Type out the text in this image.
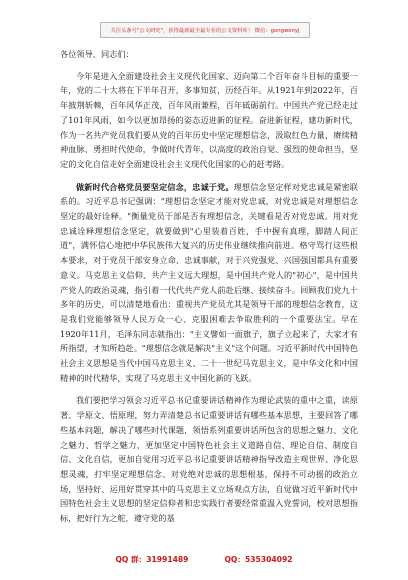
关注头条号"公文研究"，获得最新最全最专业的公文资料库！ 微信：gongwenyj

各位领导、同志们：

今年是进入全面建设社会主义现代化国家、迈向第二个百年奋斗目标的重要一年，党的二十大将在下半年召开，多事知贫，历经百年。从1921年到2022年，百年披荆斩棘，百年风华正茂，百年风雨兼程，百年砥砺前行。中国共产党已经走过了101年风雨，如今以更加昂扬的姿态迈进新的征程。奋进新征程，建功新时代，作为一名共产党员我们要从党的百年历史中坚定理想信念，汲取红色力量，赓续精神血脉，勇担时代使命，争做时代青年，以高度的政治自觉、强烈的使命担当，坚定的文化自信走好全面建设社会主义现代化国家的心的赶考路。

做新时代合格党员要坚定信念，忠诚于党。理想信念坚定样对党忠诚是紧密联系的。习近平总书记强调："理想信念坚定才能对党忠诚，对党忠诚是对理想信念坚定的最好诠释。"衡量党员于部是否有理想信念，关键看是否对党忠诚。用对党忠诚诠释理想信念坚定，就要做到"心里装着百姓，手中握有真理，脚踏人间正道"，满怀信心地把中华民族伟大复兴的历史伟业继续推向前进。格守骂行这些根本要求，对于党员干部安身立命、忠诚事献，对于兴党强党、兴国强国都具有重要意义。马克思主义信仰、共产主义远大理想，是中国共产党人的"初心"，是中国共产党人的政治灵魂，指引着一代代共产党人前赴后继、接续奋斗。回顾我们党九十多年的历史，可以清楚地看出：重视共产党员尤其是领导干部的理想信念教育，这是我们党能够领导人民万众一心、克服困难去争取胜利的一个重要法宝。早在1920年11月，毛泽东同志就指出："主义譬如一面旗子，旗子立起来了，大家才有所指望，才知所趋赴。"理想信念就是解决"主义"这个问题。习近平新时代中国特色社会主义思想是当代中国马克思主义、二十一世纪马克思主义，是中华文化和中国精神的时代精华，实现了马克思主义中国化新的飞跃。

我们要把学习领会习近平总书记重要讲话精神作为理论武装的重中之重，读原著、学原文、悟原理，努力弄清楚总书记重要讲话有哪些基本思想，主要回答了哪些基本问题，解决了哪些时代课题，领悟系列重要讲话所包含的思想之魅力、文化之魅力、哲学之魅力，更加坚定中国特色社会主义道路自信、理论自信、制度自信、文化自信，更加自觉用习近平总书记重要讲话精神指导改造主观世界、净化思想灵魂，打牢坚定理想信念、对党绝对忠诚的思想根基，保持不可动摇的政治立场，坚持好、运用好贯穿其中的马克思主义立场观点方法，自觉做习近平新时代中国特色社会主义思想的坚定信仰者和忠实践行者要经常重温入党誓词，校对思想指标，把好行为之舵，遵守党的基

QQ 群：31991489	QQ：535304092
